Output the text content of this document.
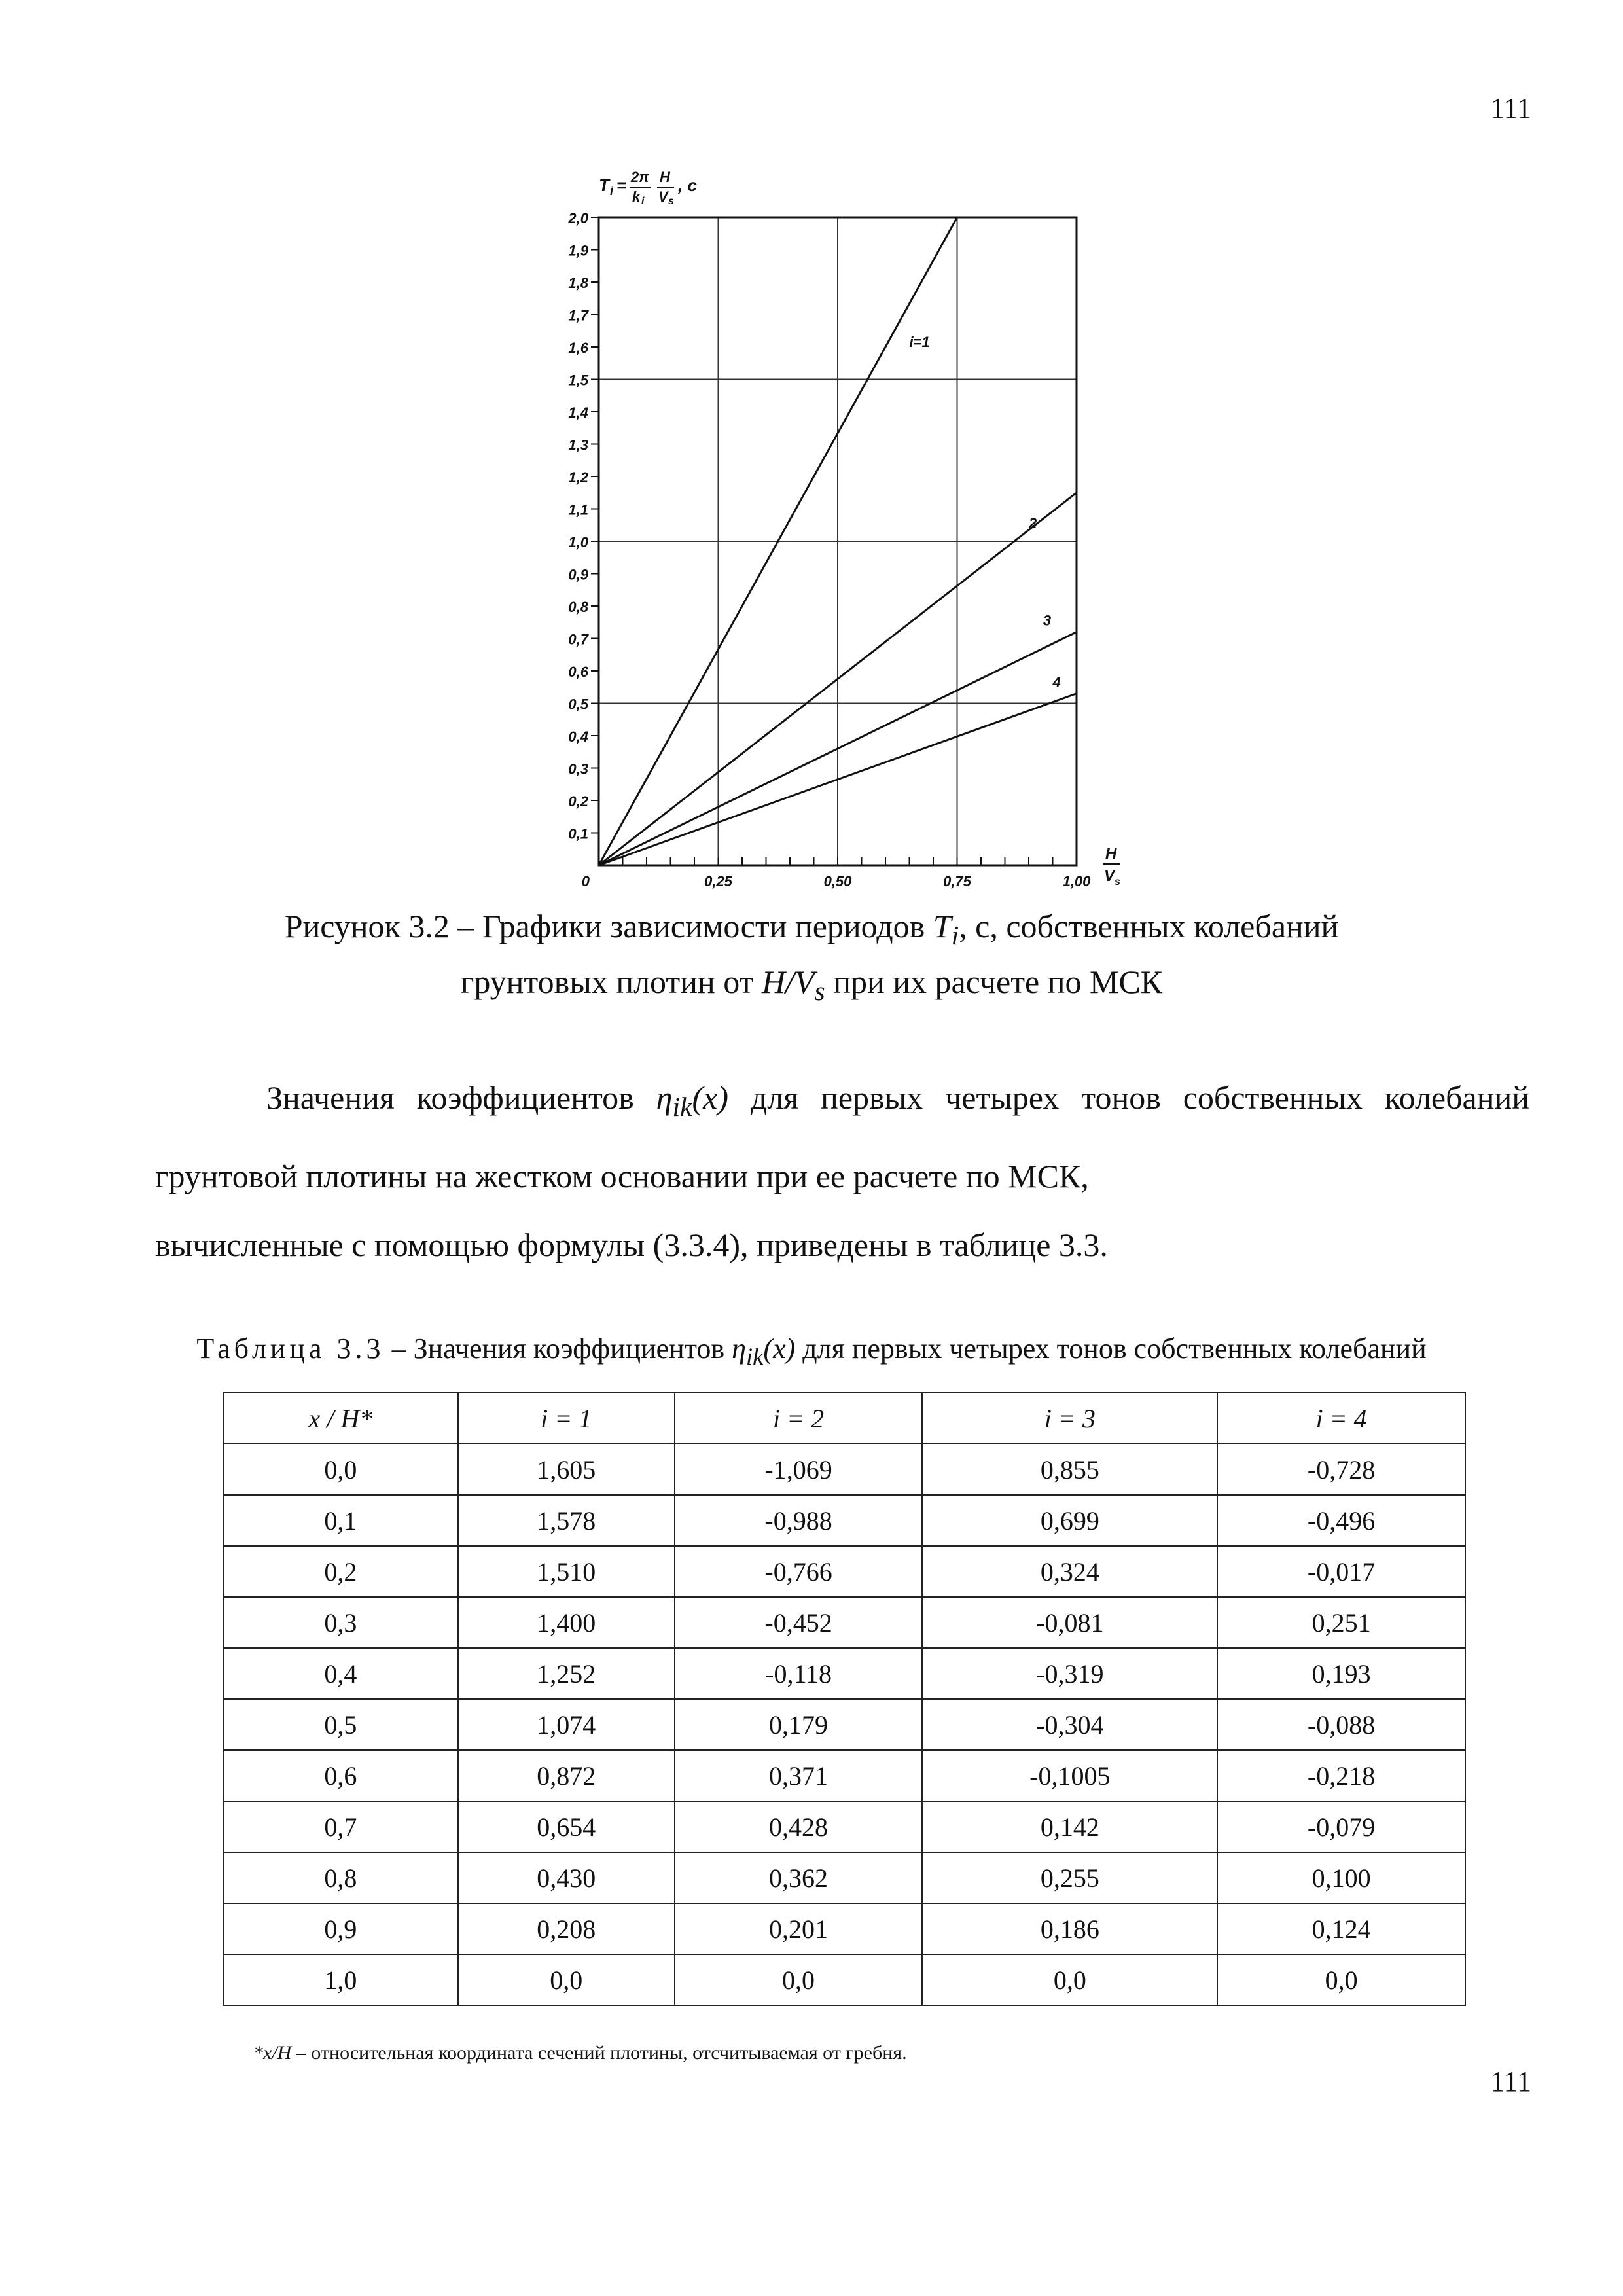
111
T i = 2π
k i
H
V s
, c
0,1
0,2
0,3
0,4
0,5
0,6
0,7
0,8
0,9
1,0
1,1
1,2
1,3
1,4
1,5
1,6
1,7
1,8
1,9
2,0
0	0,25	0,50	0,75	1,00
i=1
2
3
4
H
V s
Рисунок 3.2 – Графики зависимости периодов $T_i$, с, собственных колебаний
грунтовых плотин от $H/V_s$ при их расчете по МСК
Значения коэффициентов $\eta_{ik}(x)$ для первых четырех тонов собственных колебаний грунтовой плотины на жестком основании при ее расчете по МСК,
вычисленные с помощью формулы (3.3.4), приведены в таблице 3.3.
Таблица 3.3 – Значения коэффициентов $\eta_{ik}(x)$ для первых четырех тонов собственных колебаний
x / H*	i = 1	i = 2	i = 3	i = 4
0,0	1,605	-1,069	0,855	-0,728
0,1	1,578	-0,988	0,699	-0,496
0,2	1,510	-0,766	0,324	-0,017
0,3	1,400	-0,452	-0,081	0,251
0,4	1,252	-0,118	-0,319	0,193
0,5	1,074	0,179	-0,304	-0,088
0,6	0,872	0,371	-0,1005	-0,218
0,7	0,654	0,428	0,142	-0,079
0,8	0,430	0,362	0,255	0,100
0,9	0,208	0,201	0,186	0,124
1,0	0,0	0,0	0,0	0,0
*x/H – относительная координата сечений плотины, отсчитываемая от гребня.
111
